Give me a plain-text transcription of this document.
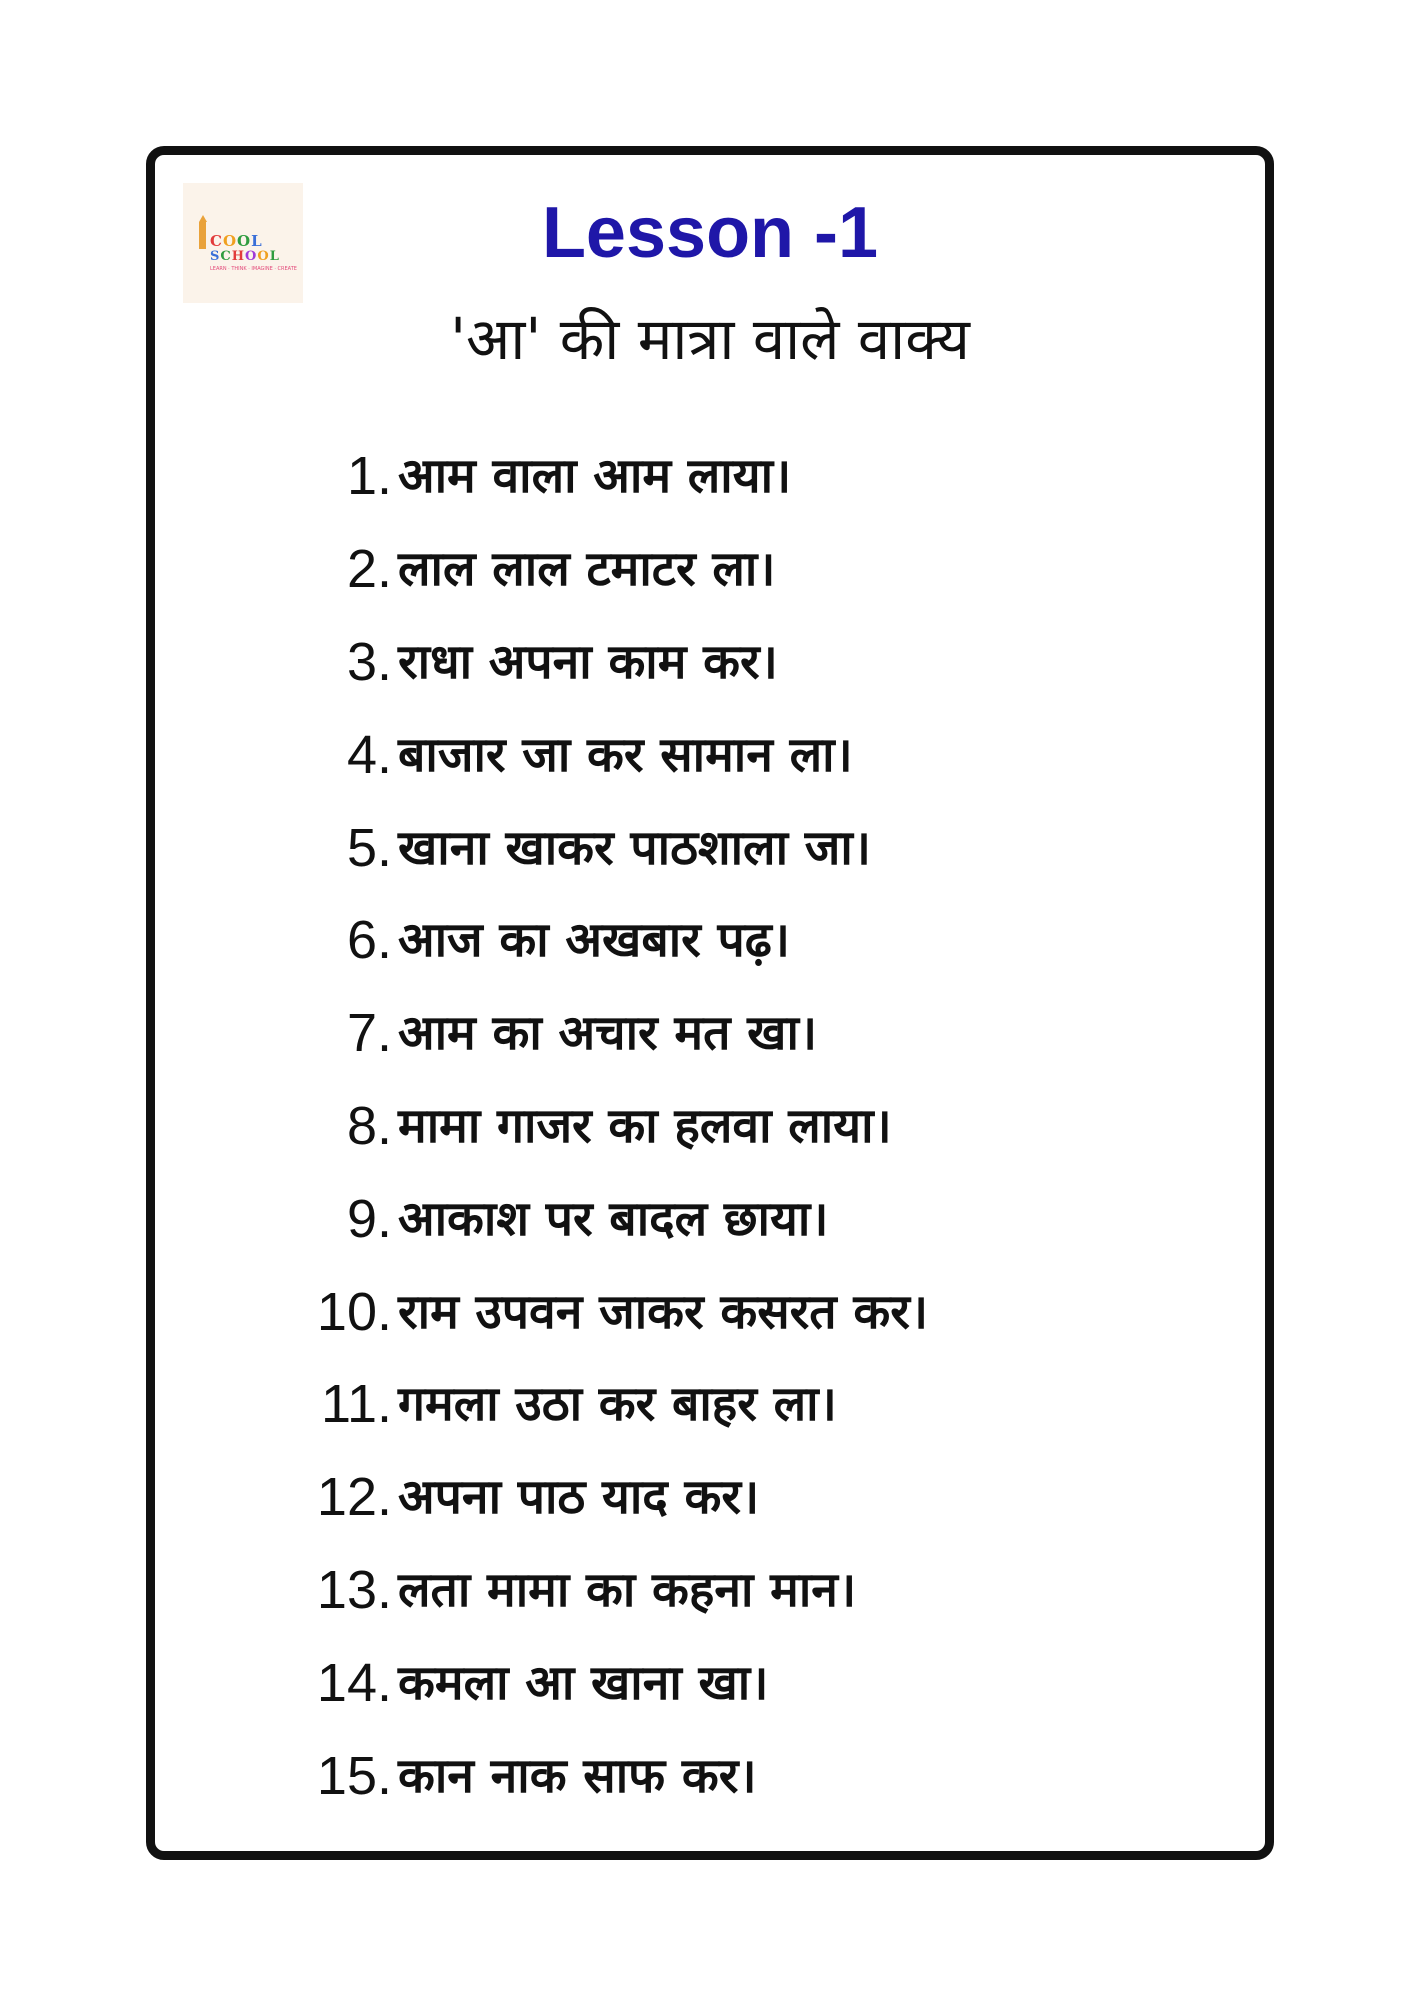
COOL
SCHOOL
LEARN · THINK · IMAGINE · CREATE	Lesson -1
'आ' की मात्रा वाले वाक्य
1. आम वाला आम लाया।
2. लाल लाल टमाटर ला।
3. राधा अपना काम कर।
4. बाजार जा कर सामान ला।
5. खाना खाकर पाठशाला जा।
6. आज का अखबार पढ़।
7. आम का अचार मत खा।
8. मामा गाजर का हलवा लाया।
9. आकाश पर बादल छाया।
10. राम उपवन जाकर कसरत कर।
11. गमला उठा कर बाहर ला।
12. अपना पाठ याद कर।
13. लता मामा का कहना मान।
14. कमला आ खाना खा।
15. कान नाक साफ कर।
